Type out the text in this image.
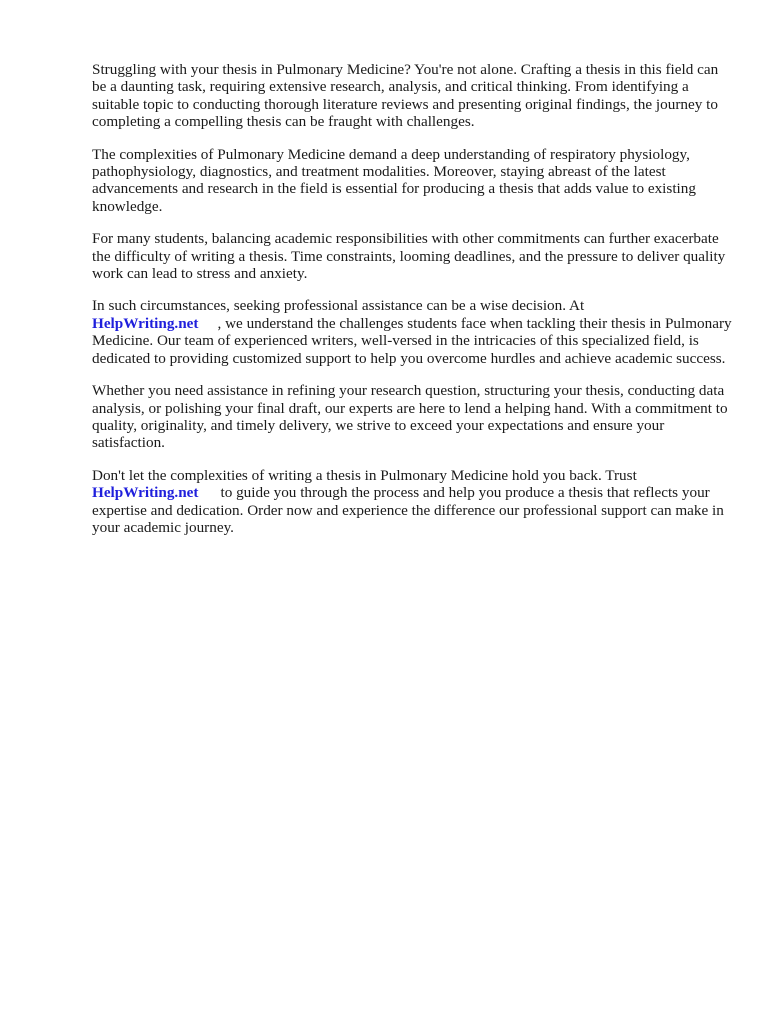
Struggling with your thesis in Pulmonary Medicine? You're not alone. Crafting a thesis in this field can be a daunting task, requiring extensive research, analysis, and critical thinking. From identifying a suitable topic to conducting thorough literature reviews and presenting original findings, the journey to completing a compelling thesis can be fraught with challenges.

The complexities of Pulmonary Medicine demand a deep understanding of respiratory physiology, pathophysiology, diagnostics, and treatment modalities. Moreover, staying abreast of the latest advancements and research in the field is essential for producing a thesis that adds value to existing knowledge.

For many students, balancing academic responsibilities with other commitments can further exacerbate the difficulty of writing a thesis. Time constraints, looming deadlines, and the pressure to deliver quality work can lead to stress and anxiety.

In such circumstances, seeking professional assistance can be a wise decision. At
HelpWriting.net , we understand the challenges students face when tackling their thesis in Pulmonary Medicine. Our team of experienced writers, well-versed in the intricacies of this specialized field, is dedicated to providing customized support to help you overcome hurdles and achieve academic success.

Whether you need assistance in refining your research question, structuring your thesis, conducting data analysis, or polishing your final draft, our experts are here to lend a helping hand. With a commitment to quality, originality, and timely delivery, we strive to exceed your expectations and ensure your satisfaction.

Don't let the complexities of writing a thesis in Pulmonary Medicine hold you back. Trust
HelpWriting.net to guide you through the process and help you produce a thesis that reflects your expertise and dedication. Order now and experience the difference our professional support can make in your academic journey.
